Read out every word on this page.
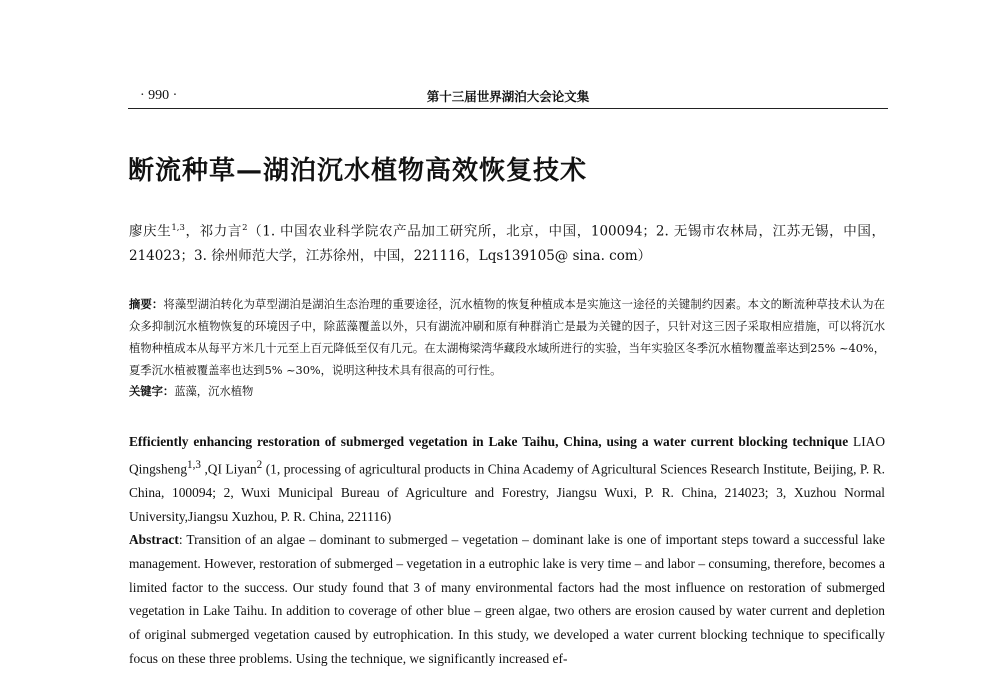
· 990 ·	第十三届世界湖泊大会论文集
断流种草—湖泊沉水植物高效恢复技术
廖庆生$^{1,3}$，祁力言$^2$（1. 中国农业科学院农产品加工研究所，北京，中国，100094；2. 无锡市农林局，江苏无锡，中国，214023；3. 徐州师范大学，江苏徐州，中国，221116，Lqs139105@ sina. com）
摘要：将藻型湖泊转化为草型湖泊是湖泊生态治理的重要途径，沉水植物的恢复种植成本是实施这一途径的关键制约因素。本文的断流种草技术认为在众多抑制沉水植物恢复的环境因子中，除蓝藻覆盖以外，只有湖流冲刷和原有种群消亡是最为关键的因子，只针对这三因子采取相应措施，可以将沉水植物种植成本从每平方米几十元至上百元降低至仅有几元。在太湖梅梁湾华藏段水域所进行的实验，当年实验区冬季沉水植物覆盖率达到25% ~40%，夏季沉水植被覆盖率也达到5% ~30%，说明这种技术具有很高的可行性。
关键字：蓝藻，沉水植物
Efficiently enhancing restoration of submerged vegetation in Lake Taihu, China, using a water current blocking technique LIAO Qingsheng$^{1,3}$ ,QI Liyan$^2$ (1, processing of agricultural products in China Academy of Agricultural Sciences Research Institute, Beijing, P. R. China, 100094; 2, Wuxi Municipal Bureau of Agriculture and Forestry, Jiangsu Wuxi, P. R. China, 214023; 3, Xuzhou Normal University,Jiangsu Xuzhou, P. R. China, 221116)
Abstract: Transition of an algae – dominant to submerged – vegetation – dominant lake is one of important steps toward a successful lake management. However, restoration of submerged – vegetation in a eutrophic lake is very time – and labor – consuming, therefore, becomes a limited factor to the success. Our study found that 3 of many environmental factors had the most influence on restoration of submerged vegetation in Lake Taihu. In addition to coverage of other blue – green algae, two others are erosion caused by water current and depletion of original submerged vegetation caused by eutrophication. In this study, we developed a water current blocking technique to specifically focus on these three problems. Using the technique, we significantly increased ef-
